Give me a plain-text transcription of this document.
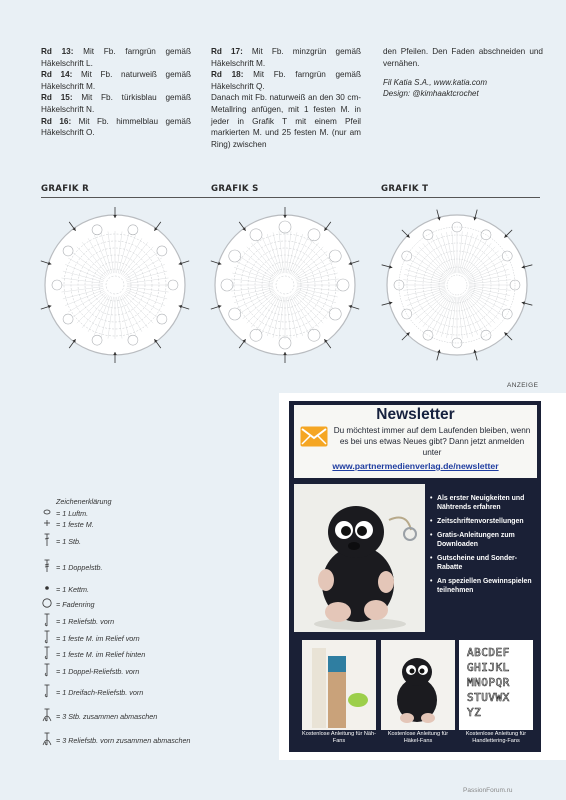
Rd 13: Mit Fb. farngrün gemäß Häkelschrift L.
Rd 14: Mit Fb. naturweiß gemäß Häkelschrift M.
Rd 15: Mit Fb. türkisblau gemäß Häkelschrift N.
Rd 16: Mit Fb. himmelblau gemäß Häkelschrift O.
Rd 17: Mit Fb. minzgrün gemäß Häkelschrift M.
Rd 18: Mit Fb. farngrün gemäß Häkelschrift Q.
Danach mit Fb. naturweiß an den 30 cm-Metallring anfügen, mit 1 festen M. in jeder in Grafik T mit einem Pfeil markierten M. und 25 festen M. (nur am Ring) zwischen
den Pfeilen. Den Faden abschneiden und vernähen.
Fil Katia S.A., www.katia.com
Design: @kimhaaktcrochet
GRAFIK R	GRAFIK S	GRAFIK T
Zeichenerklärung
= 1 Luftm.
= 1 feste M.
= 1 Stb.
= 1 Doppelstb.
= 1 Kettm.
= Fadenring
= 1 Reliefstb. vorn
= 1 feste M. im Relief vorn
= 1 feste M. im Relief hinten
= 1 Doppel-Reliefstb. vorn
= 1 Dreifach-Reliefstb. vorn
= 3 Stb. zusammen abmaschen
= 3 Reliefstb. vorn zusammen abmaschen
ANZEIGE
Newsletter
Du möchtest immer auf dem Laufenden bleiben, wenn es bei uns etwas Neues gibt? Dann jetzt anmelden unter
www.partnermedienverlag.de/newsletter
• Als erster Neuigkeiten und Nähtrends erfahren
• Zeitschriftenvorstellungen
• Gratis-Anleitungen zum Downloaden
• Gutscheine und Sonder-Rabatte
• An speziellen Gewinnspielen teilnehmen
ABCDEF
GHIJKL
MNOPQR
STUVWX
YZ
Kostenlose Anleitung für Näh-Fans
Kostenlose Anleitung für Häkel-Fans
Kostenlose Anleitung für Handlettering-Fans
PassionForum.ru
